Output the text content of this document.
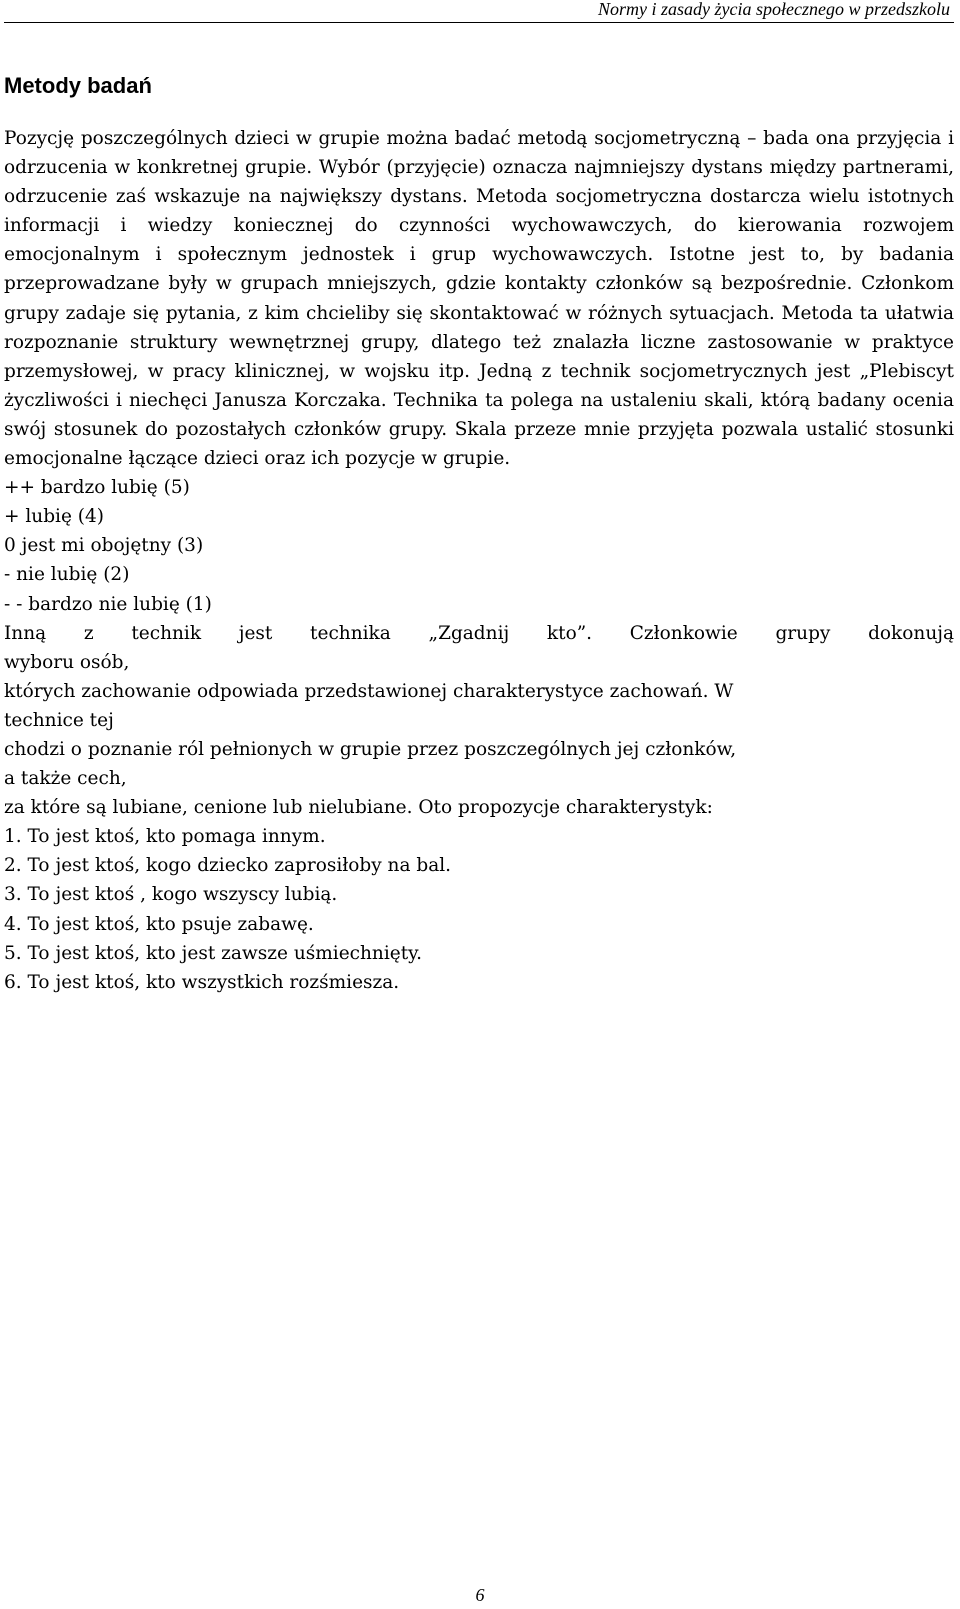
Normy i zasady życia społecznego w przedszkolu
Metody badań

Pozycję poszczególnych dzieci w grupie można badać metodą socjometryczną – bada ona przyjęcia i odrzucenia w konkretnej grupie. Wybór (przyjęcie) oznacza najmniejszy dystans między partnerami, odrzucenie zaś wskazuje na największy dystans. Metoda socjometryczna dostarcza wielu istotnych informacji i wiedzy koniecznej do czynności wychowawczych, do kierowania rozwojem emocjonalnym i społecznym jednostek i grup wychowawczych. Istotne jest to, by badania przeprowadzane były w grupach mniejszych, gdzie kontakty członków są bezpośrednie. Członkom grupy zadaje się pytania, z kim chcieliby się skontaktować w różnych sytuacjach. Metoda ta ułatwia rozpoznanie struktury wewnętrznej grupy, dlatego też znalazła liczne zastosowanie w praktyce przemysłowej, w pracy klinicznej, w wojsku itp. Jedną z technik socjometrycznych jest „Plebiscyt życzliwości i niechęci Janusza Korczaka. Technika ta polega na ustaleniu skali, którą badany ocenia swój stosunek do pozostałych członków grupy. Skala przeze mnie przyjęta pozwala ustalić stosunki emocjonalne łączące dzieci oraz ich pozycje w grupie.

++ bardzo lubię (5)

+ lubię (4)

0 jest mi obojętny (3)

- nie lubię (2)

- - bardzo nie lubię (1)

Inną z technik jest technika „Zgadnij kto”. Członkowie grupy dokonują

wyboru osób,

których zachowanie odpowiada przedstawionej charakterystyce zachowań. W

technice tej

chodzi o poznanie ról pełnionych w grupie przez poszczególnych jej członków,

a także cech,

za które są lubiane, cenione lub nielubiane. Oto propozycje charakterystyk:

1. To jest ktoś, kto pomaga innym.

2. To jest ktoś, kogo dziecko zaprosiłoby na bal.

3. To jest ktoś , kogo wszyscy lubią.

4. To jest ktoś, kto psuje zabawę.

5. To jest ktoś, kto jest zawsze uśmiechnięty.

6. To jest ktoś, kto wszystkich rozśmiesza.

6
